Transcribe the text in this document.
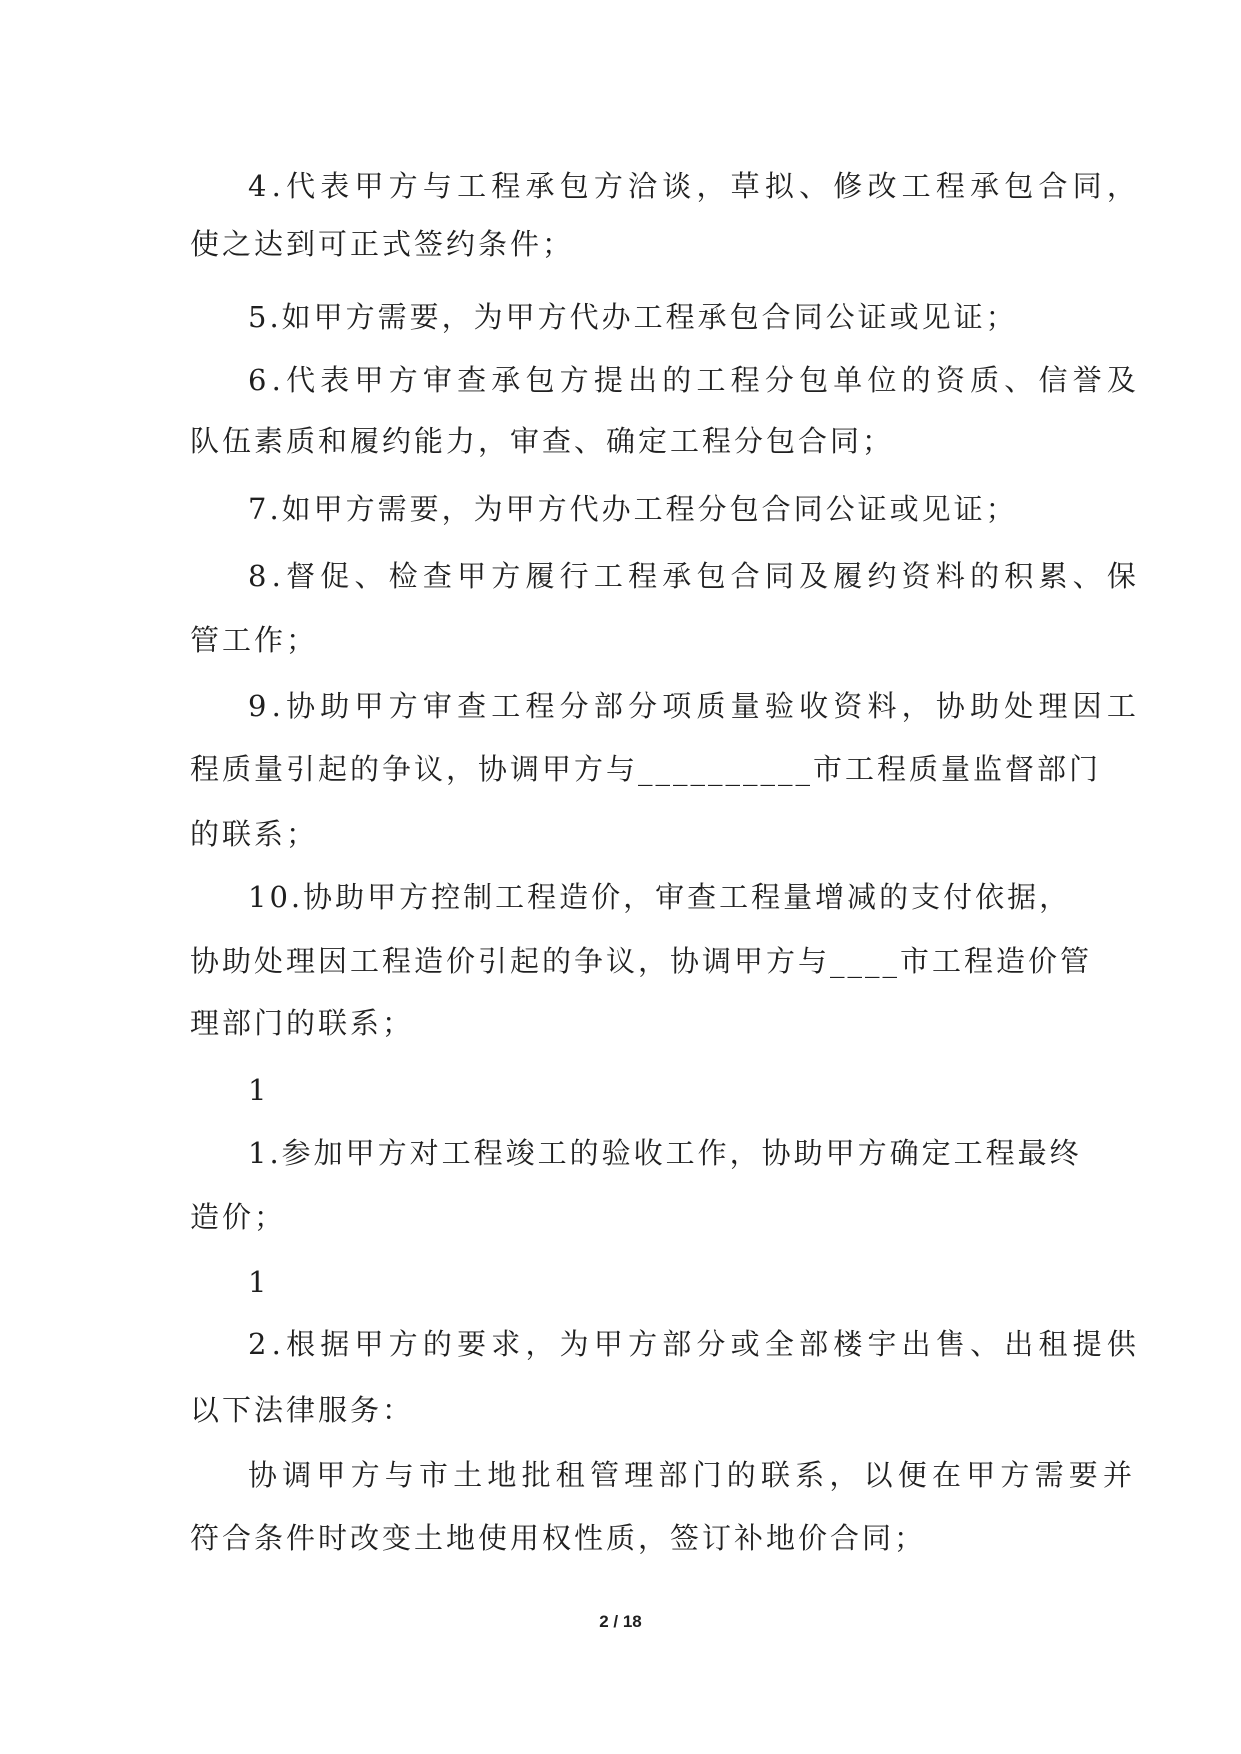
4.代表甲方与工程承包方洽谈，草拟、修改工程承包合同，
使之达到可正式签约条件；
5.如甲方需要，为甲方代办工程承包合同公证或见证；
6.代表甲方审查承包方提出的工程分包单位的资质、信誉及
队伍素质和履约能力，审查、确定工程分包合同；
7.如甲方需要，为甲方代办工程分包合同公证或见证；
8.督促、检查甲方履行工程承包合同及履约资料的积累、保
管工作；
9.协助甲方审查工程分部分项质量验收资料，协助处理因工
程质量引起的争议，协调甲方与__________市工程质量监督部门
的联系；
10.协助甲方控制工程造价，审查工程量增减的支付依据，
协助处理因工程造价引起的争议，协调甲方与____市工程造价管
理部门的联系；
1
1.参加甲方对工程竣工的验收工作，协助甲方确定工程最终
造价；
1
2.根据甲方的要求，为甲方部分或全部楼宇出售、出租提供
以下法律服务：
协调甲方与市土地批租管理部门的联系，以便在甲方需要并
符合条件时改变土地使用权性质，签订补地价合同；
2 / 18
